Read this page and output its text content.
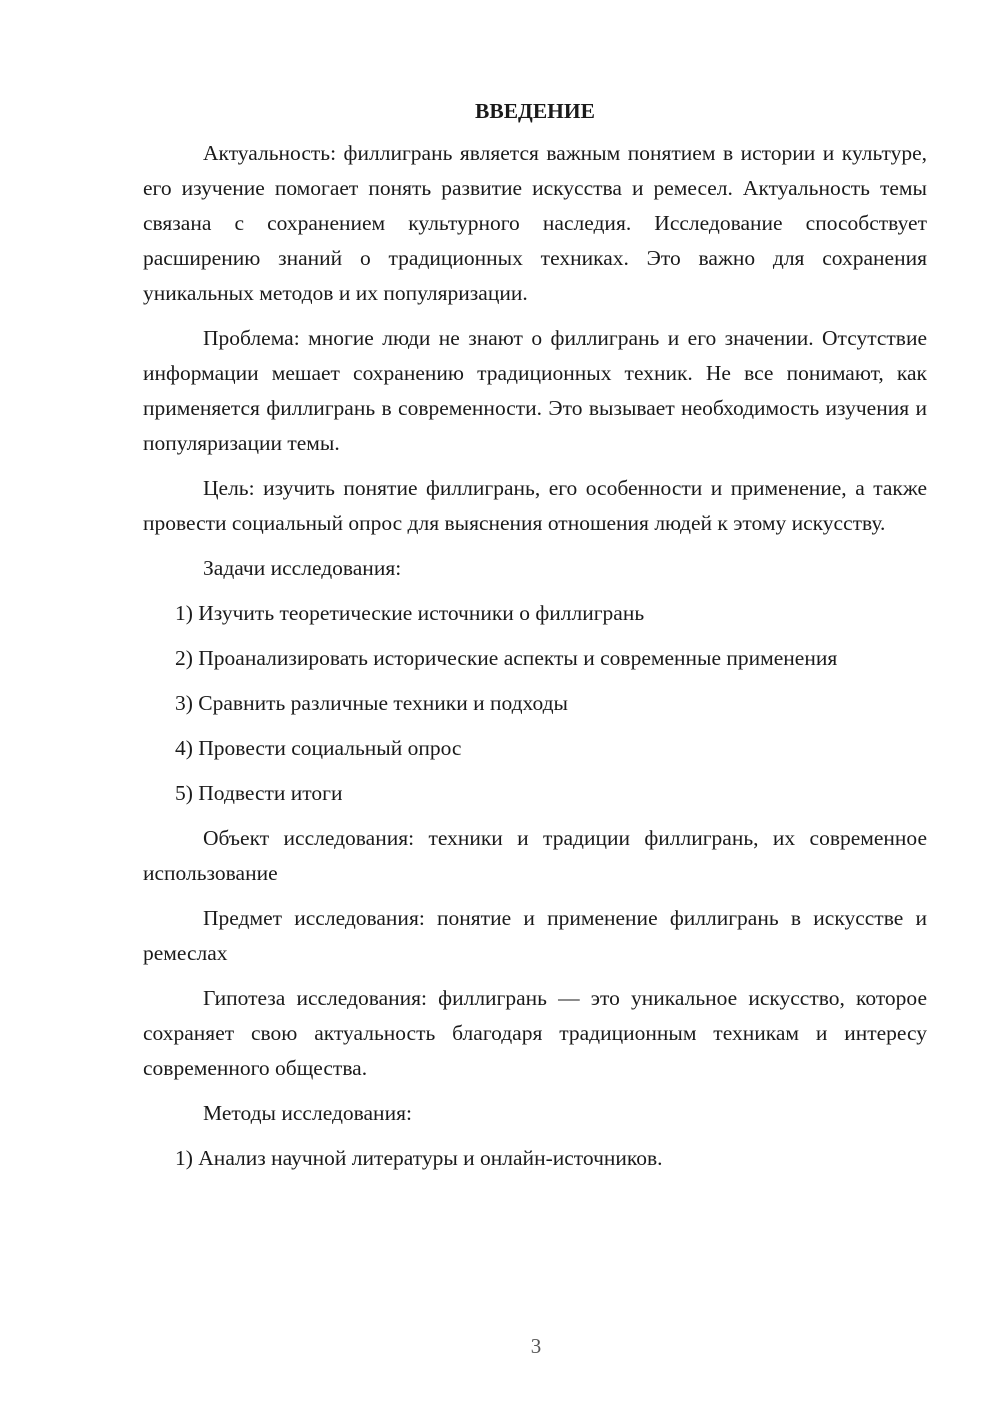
ВВЕДЕНИЕ

Актуальность: филлигрань является важным понятием в истории и культуре, его изучение помогает понять развитие искусства и ремесел. Актуальность темы связана с сохранением культурного наследия. Исследование способствует расширению знаний о традиционных техниках. Это важно для сохранения уникальных методов и их популяризации.

Проблема: многие люди не знают о филлигрань и его значении. Отсутствие информации мешает сохранению традиционных техник. Не все понимают, как применяется филлигрань в современности. Это вызывает необходимость изучения и популяризации темы.

Цель: изучить понятие филлигрань, его особенности и применение, а также провести социальный опрос для выяснения отношения людей к этому искусству.

Задачи исследования:

1) Изучить теоретические источники о филлигрань

2) Проанализировать исторические аспекты и современные применения

3) Сравнить различные техники и подходы

4) Провести социальный опрос

5) Подвести итоги

Объект исследования: техники и традиции филлигрань, их современное использование

Предмет исследования: понятие и применение филлигрань в искусстве и ремеслах

Гипотеза исследования: филлигрань — это уникальное искусство, которое сохраняет свою актуальность благодаря традиционным техникам и интересу современного общества.

Методы исследования:

1) Анализ научной литературы и онлайн-источников.

3
